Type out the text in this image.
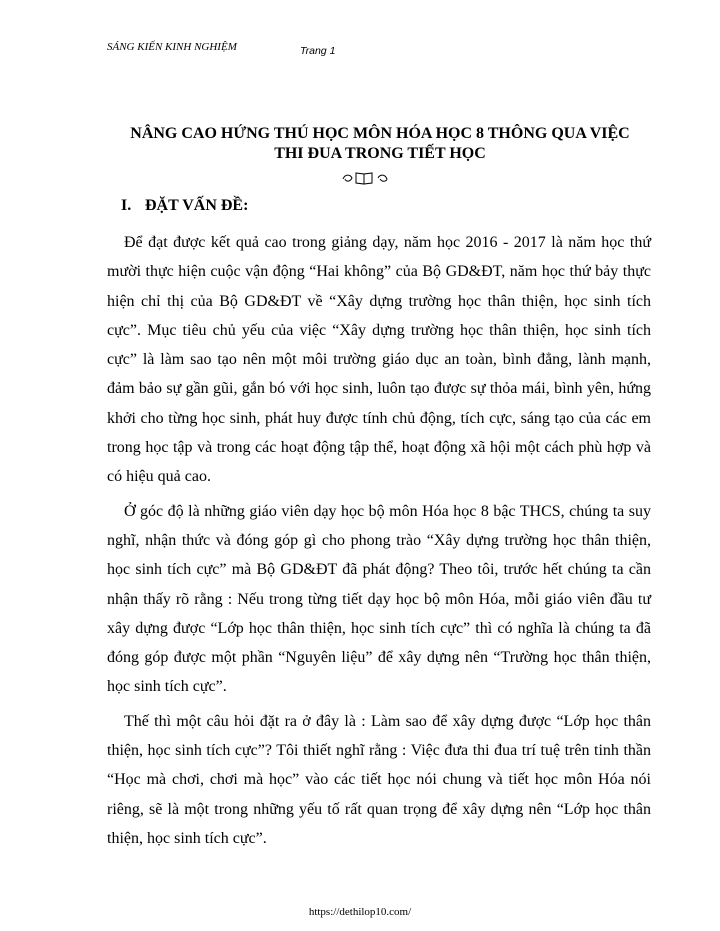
SÁNG KIẾN KINH NGHIỆM	Trang 1
NÂNG CAO HỨNG THÚ HỌC MÔN HÓA HỌC 8 THÔNG QUA VIỆC
THI ĐUA TRONG TIẾT HỌC
I. ĐẶT VẤN ĐỀ:

Để đạt được kết quả cao trong giảng dạy, năm học 2016 - 2017 là năm học thứ mười thực hiện cuộc vận động “Hai không” của Bộ GD&ĐT, năm học thứ bảy thực hiện chỉ thị của Bộ GD&ĐT về “Xây dựng trường học thân thiện, học sinh tích cực”. Mục tiêu chủ yếu của việc “Xây dựng trường học thân thiện, học sinh tích cực” là làm sao tạo nên một môi trường giáo dục an toàn, bình đẳng, lành mạnh, đảm bảo sự gần gũi, gắn bó với học sinh, luôn tạo được sự thỏa mái, bình yên, hứng khởi cho từng học sinh, phát huy được tính chủ động, tích cực, sáng tạo của các em trong học tập và trong các hoạt động tập thể, hoạt động xã hội một cách phù hợp và có hiệu quả cao.

Ở góc độ là những giáo viên dạy học bộ môn Hóa học 8 bậc THCS, chúng ta suy nghĩ, nhận thức và đóng góp gì cho phong trào “Xây dựng trường học thân thiện, học sinh tích cực” mà Bộ GD&ĐT đã phát động? Theo tôi, trước hết chúng ta cần nhận thấy rõ rằng : Nếu trong từng tiết dạy học bộ môn Hóa, mỗi giáo viên đầu tư xây dựng được “Lớp học thân thiện, học sinh tích cực” thì có nghĩa là chúng ta đã đóng góp được một phần “Nguyên liệu” để xây dựng nên “Trường học thân thiện, học sinh tích cực”.

Thế thì một câu hỏi đặt ra ở đây là : Làm sao để xây dựng được “Lớp học thân thiện, học sinh tích cực”? Tôi thiết nghĩ rằng : Việc đưa thi đua trí tuệ trên tinh thần “Học mà chơi, chơi mà học” vào các tiết học nói chung và tiết học môn Hóa nói riêng, sẽ là một trong những yếu tố rất quan trọng để xây dựng nên “Lớp học thân thiện, học sinh tích cực”.

https://dethilop10.com/
